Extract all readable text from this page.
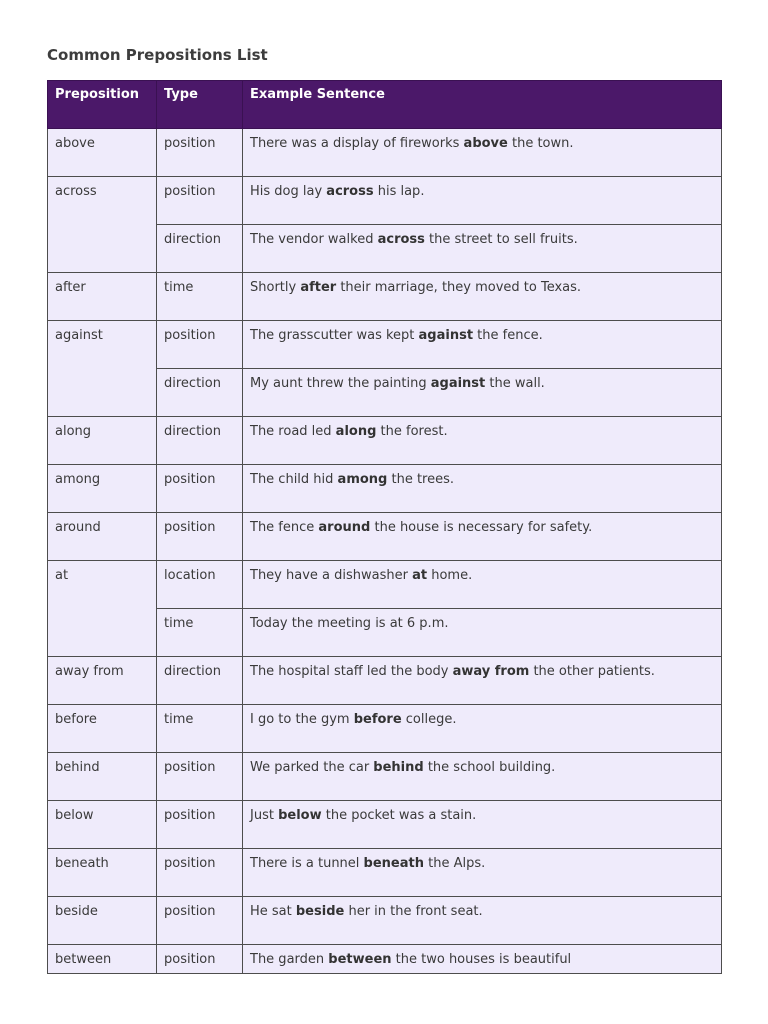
Common Prepositions List
Preposition	Type	Example Sentence
above	position	There was a display of fireworks above the town.
across	position	His dog lay across his lap.
	direction	The vendor walked across the street to sell fruits.
after	time	Shortly after their marriage, they moved to Texas.
against	position	The grasscutter was kept against the fence.
	direction	My aunt threw the painting against the wall.
along	direction	The road led along the forest.
among	position	The child hid among the trees.
around	position	The fence around the house is necessary for safety.
at	location	They have a dishwasher at home.
	time	Today the meeting is at 6 p.m.
away from	direction	The hospital staff led the body away from the other patients.
before	time	I go to the gym before college.
behind	position	We parked the car behind the school building.
below	position	Just below the pocket was a stain.
beneath	position	There is a tunnel beneath the Alps.
beside	position	He sat beside her in the front seat.
between	position	The garden between the two houses is beautiful
